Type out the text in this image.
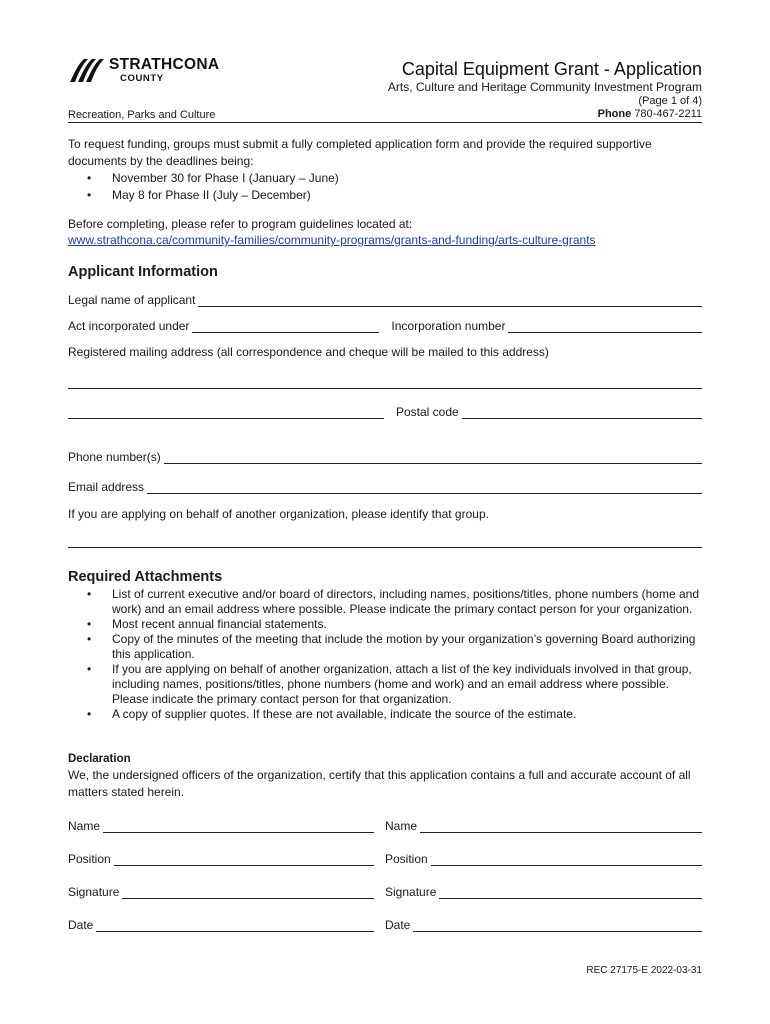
STRATHCONA
COUNTY	Capital Equipment Grant - Application
Arts, Culture and Heritage Community Investment Program
(Page 1 of 4)
Phone 780-467-2211
Recreation, Parks and Culture
To request funding, groups must submit a fully completed application form and provide the required supportive documents by the deadlines being:
• November 30 for Phase I (January – June)
• May 8 for Phase II (July – December)
Before completing, please refer to program guidelines located at:
www.strathcona.ca/community-families/community-programs/grants-and-funding/arts-culture-grants
Applicant Information
Legal name of applicant
Act incorporated under	Incorporation number
Registered mailing address (all correspondence and cheque will be mailed to this address)
Postal code
Phone number(s)
Email address
If you are applying on behalf of another organization, please identify that group.
Required Attachments
• List of current executive and/or board of directors, including names, positions/titles, phone numbers (home and work) and an email address where possible. Please indicate the primary contact person for your organization.
• Most recent annual financial statements.
• Copy of the minutes of the meeting that include the motion by your organization’s governing Board authorizing this application.
• If you are applying on behalf of another organization, attach a list of the key individuals involved in that group, including names, positions/titles, phone numbers (home and work) and an email address where possible. Please indicate the primary contact person for that organization.
• A copy of supplier quotes. If these are not available, indicate the source of the estimate.
Declaration
We, the undersigned officers of the organization, certify that this application contains a full and accurate account of all matters stated herein.
Name	Name
Position	Position
Signature	Signature
Date	Date
REC 27175-E 2022-03-31
